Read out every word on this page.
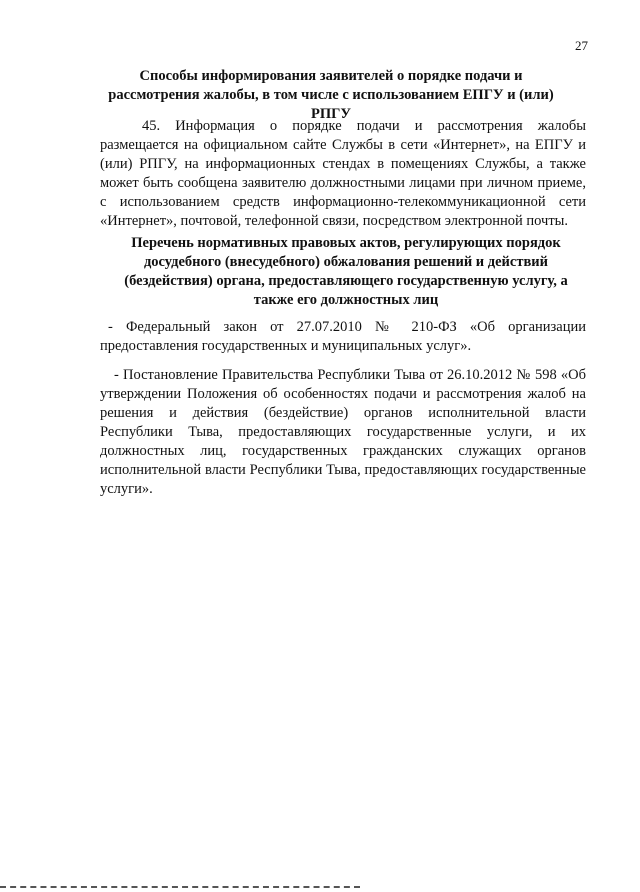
27
Способы информирования заявителей о порядке подачи и рассмотрения жалобы, в том числе с использованием ЕПГУ и (или) РПГУ
45. Информация о порядке подачи и рассмотрения жалобы размещается на официальном сайте Службы в сети «Интернет», на ЕПГУ и (или) РПГУ, на информационных стендах в помещениях Службы, а также может быть сообщена заявителю должностными лицами при личном приеме, с использованием средств информационно-телекоммуникационной сети «Интернет», почтовой, телефонной связи, посредством электронной почты.
Перечень нормативных правовых актов, регулирующих порядок досудебного (внесудебного) обжалования решений и действий (бездействия) органа, предоставляющего государственную услугу, а также его должностных лиц
- Федеральный закон от 27.07.2010 № 210-ФЗ «Об организации предоставления государственных и муниципальных услуг».
- Постановление Правительства Республики Тыва от 26.10.2012 № 598 «Об утверждении Положения об особенностях подачи и рассмотрения жалоб на решения и действия (бездействие) органов исполнительной власти Республики Тыва, предоставляющих государственные услуги, и их должностных лиц, государственных гражданских служащих органов исполнительной власти Республики Тыва, предоставляющих государственные услуги».
